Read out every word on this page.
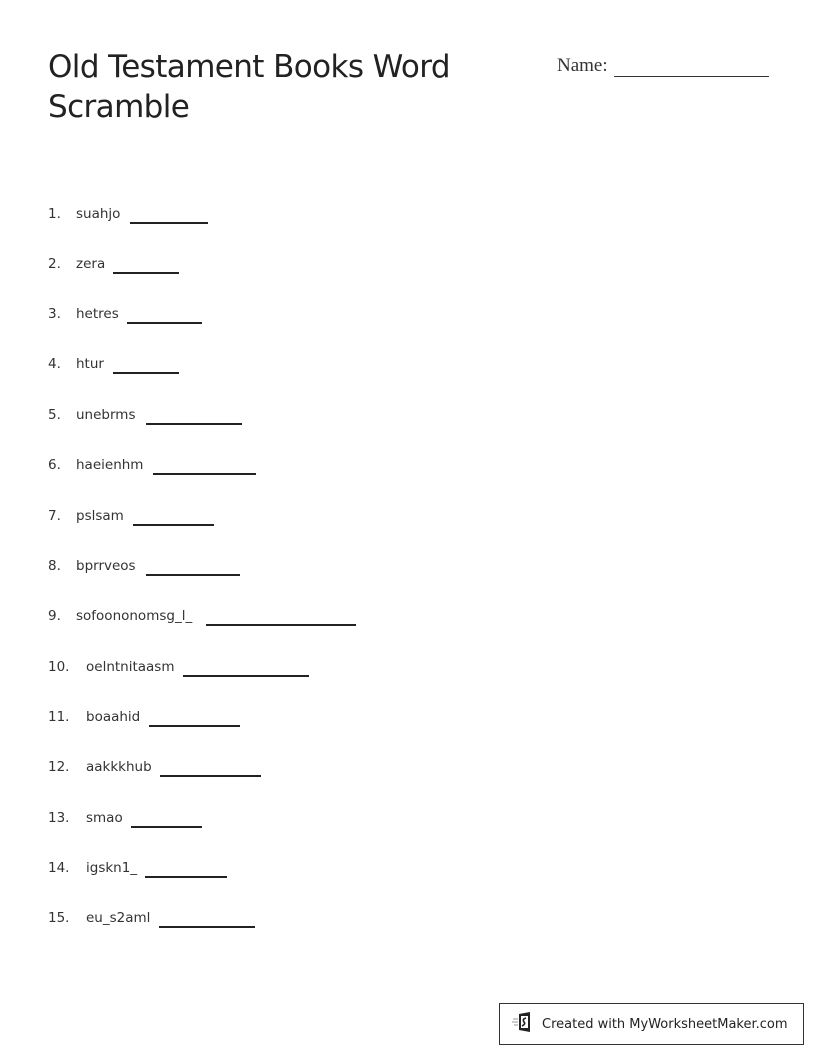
Old Testament Books Word Scramble
Name:
1. suahjo
2. zera
3. hetres
4. htur
5. unebrms
6. haeienhm
7. pslsam
8. bprrveos
9. sofoononomsg_l_
10. oelntnitaasm
11. boaahid
12. aakkkhub
13. smao
14. igskn1_
15. eu_s2aml
Created with MyWorksheetMaker.com
